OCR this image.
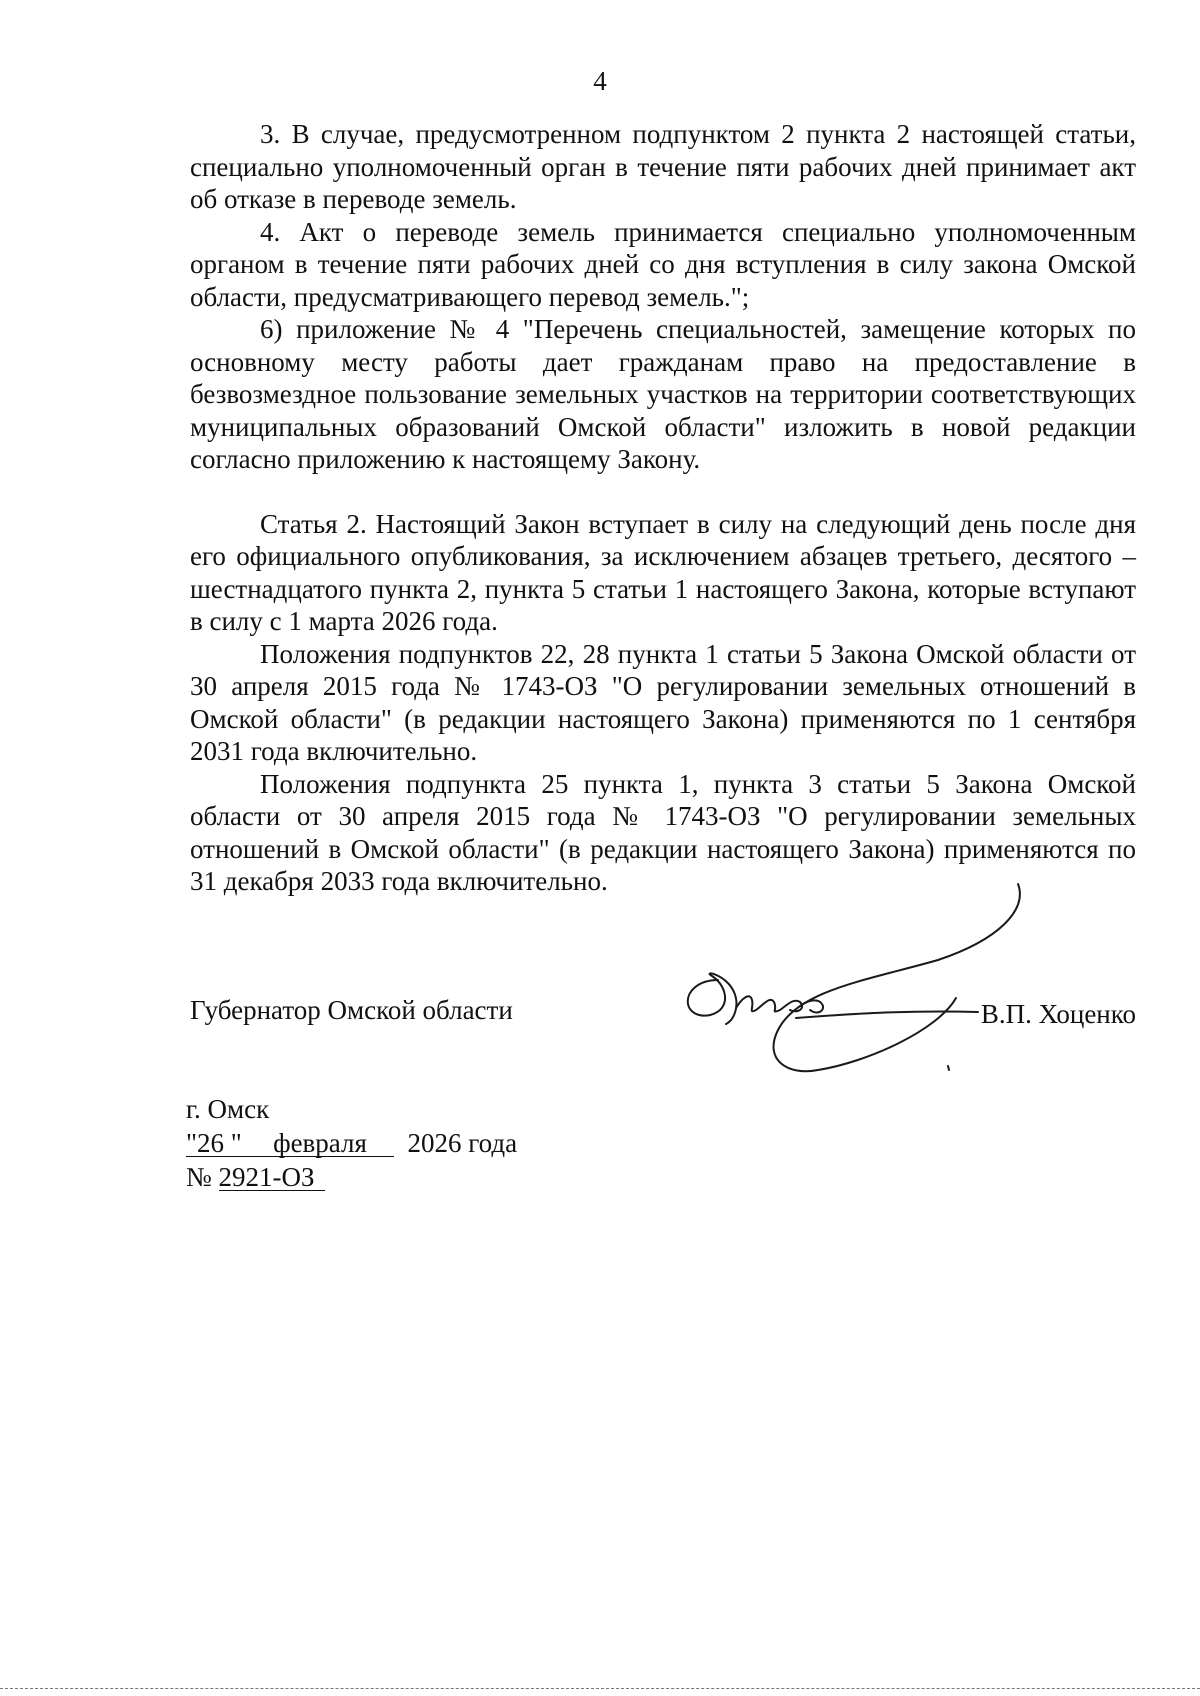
4

3. В случае, предусмотренном подпунктом 2 пункта 2 настоящей статьи, специально уполномоченный орган в течение пяти рабочих дней принимает акт об отказе в переводе земель.

4. Акт о переводе земель принимается специально уполномоченным органом в течение пяти рабочих дней со дня вступления в силу закона Омской области, предусматривающего перевод земель.";

6) приложение № 4 "Перечень специальностей, замещение которых по основному месту работы дает гражданам право на предоставление в безвозмездное пользование земельных участков на территории соответствующих муниципальных образований Омской области" изложить в новой редакции согласно приложению к настоящему Закону.

Статья 2. Настоящий Закон вступает в силу на следующий день после дня его официального опубликования, за исключением абзацев третьего, десятого – шестнадцатого пункта 2, пункта 5 статьи 1 настоящего Закона, которые вступают в силу с 1 марта 2026 года.

Положения подпунктов 22, 28 пункта 1 статьи 5 Закона Омской области от 30 апреля 2015 года № 1743-ОЗ "О регулировании земельных отношений в Омской области" (в редакции настоящего Закона) применяются по 1 сентября 2031 года включительно.

Положения подпункта 25 пункта 1, пункта 3 статьи 5 Закона Омской области от 30 апреля 2015 года № 1743-ОЗ "О регулировании земельных отношений в Омской области" (в редакции настоящего Закона) применяются по 31 декабря 2033 года включительно.

Губернатор Омской области	В.П. Хоценко
г. Омск
"26 " февраля 2026 года
№ 2921-ОЗ
